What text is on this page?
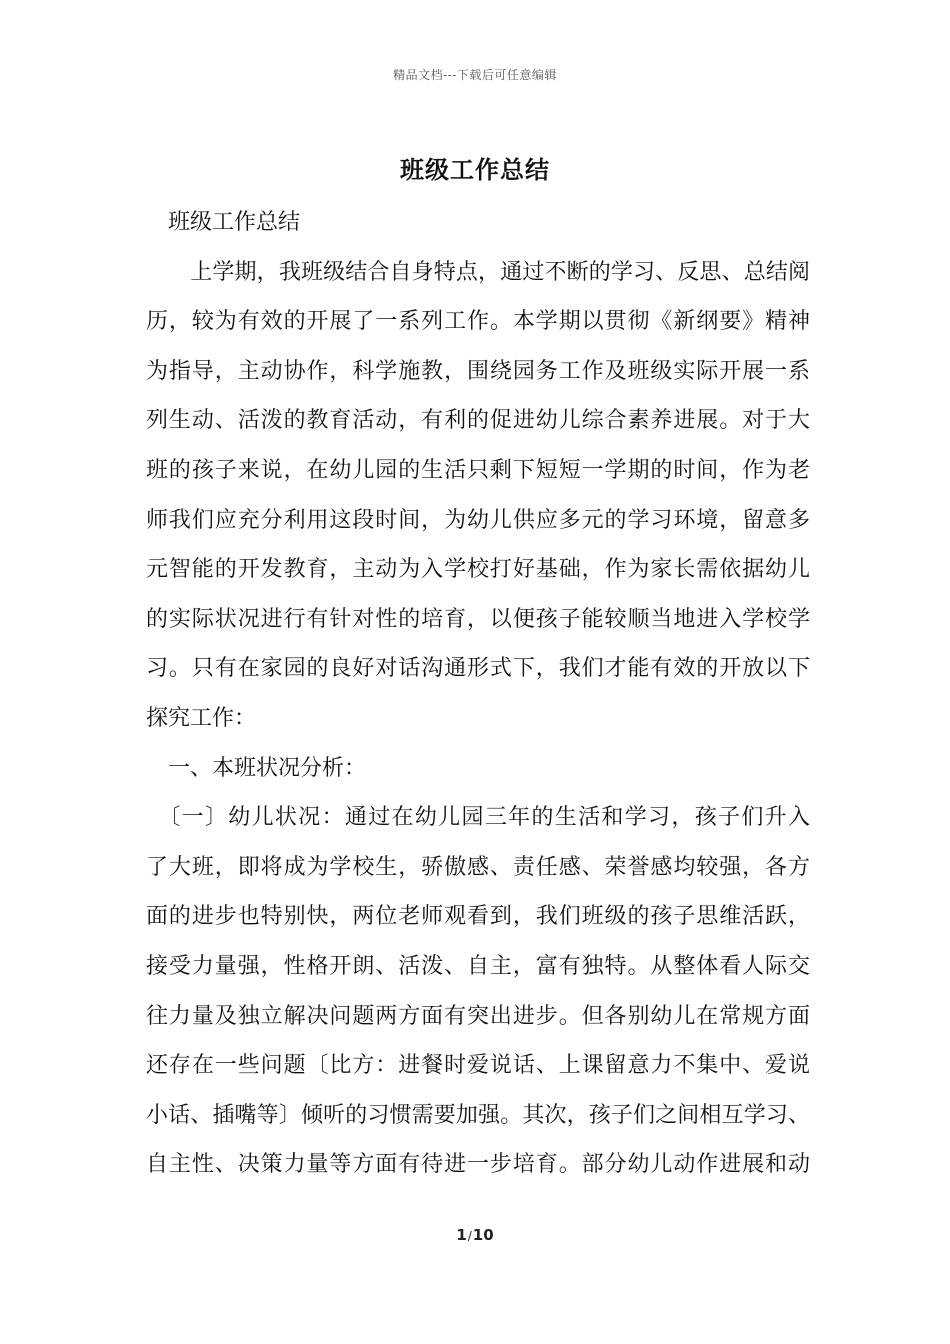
精品文档---下载后可任意编辑
班级工作总结
　班级工作总结
　　上学期，我班级结合自身特点，通过不断的学习、反思、总结阅
历，较为有效的开展了一系列工作。本学期以贯彻《新纲要》精神
为指导，主动协作，科学施教，围绕园务工作及班级实际开展一系
列生动、活泼的教育活动，有利的促进幼儿综合素养进展。对于大
班的孩子来说，在幼儿园的生活只剩下短短一学期的时间，作为老
师我们应充分利用这段时间，为幼儿供应多元的学习环境，留意多
元智能的开发教育，主动为入学校打好基础，作为家长需依据幼儿
的实际状况进行有针对性的培育，以便孩子能较顺当地进入学校学
习。只有在家园的良好对话沟通形式下，我们才能有效的开放以下
探究工作：
　一、本班状况分析：
　〔一〕幼儿状况：通过在幼儿园三年的生活和学习，孩子们升入
了大班，即将成为学校生，骄傲感、责任感、荣誉感均较强，各方
面的进步也特别快，两位老师观看到，我们班级的孩子思维活跃，
接受力量强，性格开朗、活泼、自主，富有独特。从整体看人际交
往力量及独立解决问题两方面有突出进步。但各别幼儿在常规方面
还存在一些问题〔比方：进餐时爱说话、上课留意力不集中、爱说
小话、插嘴等〕倾听的习惯需要加强。其次，孩子们之间相互学习、
自主性、决策力量等方面有待进一步培育。部分幼儿动作进展和动
1/10
